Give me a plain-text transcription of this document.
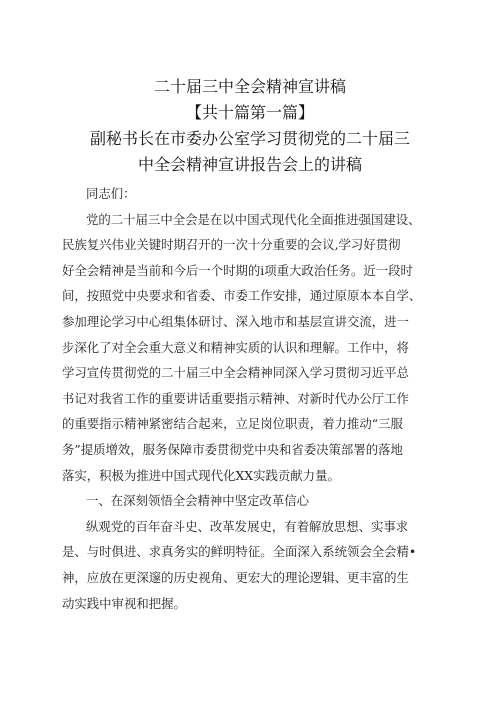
二十届三中全会精神宣讲稿
【共十篇第一篇】
副秘书长在市委办公室学习贯彻党的二十届三
中全会精神宣讲报告会上的讲稿
同志们：
党的二十届三中全会是在以中国式现代化全面推进强国建设、
民族复兴伟业关键时期召开的一次十分重要的会议,学习好贯彻
好全会精神是当前和今后一个时期的i项重大政治任务。近一段时
间，按照党中央要求和省委、市委工作安排，通过原原本本自学、
参加理论学习中心组集体研讨、深入地市和基层宣讲交流，进一
步深化了对全会重大意义和精神实质的认识和理解。工作中，将
学习宣传贯彻党的二十届三中全会精神同深入学习贯彻习近平总
书记对我省工作的重要讲话重要指示精神、对新时代办公厅工作
的重要指示精神紧密结合起来，立足岗位职责，着力推动“三服
务”提质增效，服务保障市委贯彻党中央和省委决策部署的落地
落实，积极为推进中国式现代化XX实践贡献力量。
一、在深刻领悟全会精神中坚定改革信心
纵观党的百年奋斗史、改革发展史，有着解放思想、实事求
是、与时俱进、求真务实的鲜明特征。全面深入系统领会全会精•
神，应放在更深邃的历史视角、更宏大的理论逻辑、更丰富的生
动实践中审视和把握。
